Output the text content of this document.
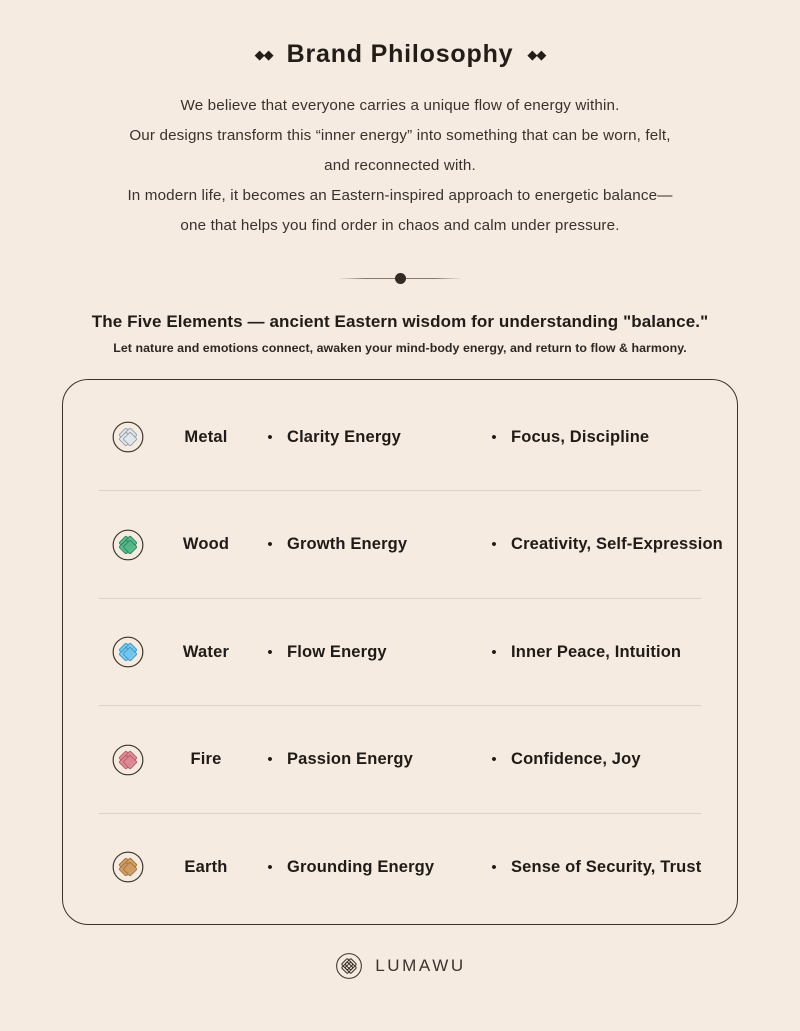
◆◆ Brand Philosophy ◆◆
We believe that everyone carries a unique flow of energy within.
Our designs transform this “inner energy” into something that can be worn, felt,
and reconnected with.
In modern life, it becomes an Eastern-inspired approach to energetic balance—
one that helps you find order in chaos and calm under pressure.
The Five Elements — ancient Eastern wisdom for understanding "balance."
Let nature and emotions connect, awaken your mind-body energy, and return to flow & harmony.
Metal	• Clarity Energy	• Focus, Discipline
Wood	• Growth Energy	• Creativity, Self-Expression
Water	• Flow Energy	• Inner Peace, Intuition
Fire	• Passion Energy	• Confidence, Joy
Earth	• Grounding Energy	• Sense of Security, Trust
LUMAWU
